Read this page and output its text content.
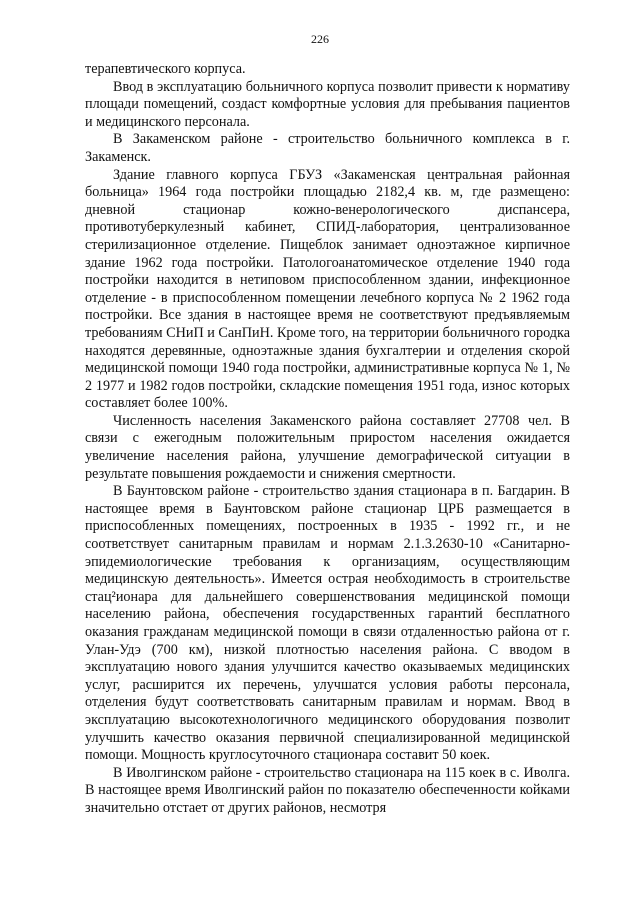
226

терапевтического корпуса.

Ввод в эксплуатацию больничного корпуса позволит привести к нормативу площади помещений, создаст комфортные условия для пребывания пациентов и медицинского персонала.

В Закаменском районе - строительство больничного комплекса в г. Закаменск.

Здание главного корпуса ГБУЗ «Закаменская центральная районная больница» 1964 года постройки площадью 2182,4 кв. м, где размещено: дневной стационар кожно-венерологического диспансера, противотуберкулезный кабинет, СПИД-лаборатория, централизованное стерилизационное отделение. Пищеблок занимает одноэтажное кирпичное здание 1962 года постройки. Патологоанатомическое отделение 1940 года постройки находится в нетиповом приспособленном здании, инфекционное отделение - в приспособленном помещении лечебного корпуса № 2 1962 года постройки. Все здания в настоящее время не соответствуют предъявляемым требованиям СНиП и СанПиН. Кроме того, на территории больничного городка находятся деревянные, одноэтажные здания бухгалтерии и отделения скорой медицинской помощи 1940 года постройки, административные корпуса № 1, № 2 1977 и 1982 годов постройки, складские помещения 1951 года, износ которых составляет более 100%.

Численность населения Закаменского района составляет 27708 чел. В связи с ежегодным положительным приростом населения ожидается увеличение населения района, улучшение демографической ситуации в результате повышения рождаемости и снижения смертности.

В Баунтовском районе - строительство здания стационара в п. Багдарин. В настоящее время в Баунтовском районе стационар ЦРБ размещается в приспособленных помещениях, построенных в 1935 - 1992 гг., и не соответствует санитарным правилам и нормам 2.1.3.2630-10 «Санитарно-эпидемиологические требования к организациям, осуществляющим медицинскую деятельность». Имеется острая необходимость в строительстве стац²ионара для дальнейшего совершенствования медицинской помощи населению района, обеспечения государственных гарантий бесплатного оказания гражданам медицинской помощи в связи отдаленностью района от г. Улан-Удэ (700 км), низкой плотностью населения района. С вводом в эксплуатацию нового здания улучшится качество оказываемых медицинских услуг, расширится их перечень, улучшатся условия работы персонала, отделения будут соответствовать санитарным правилам и нормам. Ввод в эксплуатацию высокотехнологичного медицинского оборудования позволит улучшить качество оказания первичной специализированной медицинской помощи. Мощность круглосуточного стационара составит 50 коек.

В Иволгинском районе - строительство стационара на 115 коек в с. Иволга. В настоящее время Иволгинский район по показателю обеспеченности койками значительно отстает от других районов, несмотря
